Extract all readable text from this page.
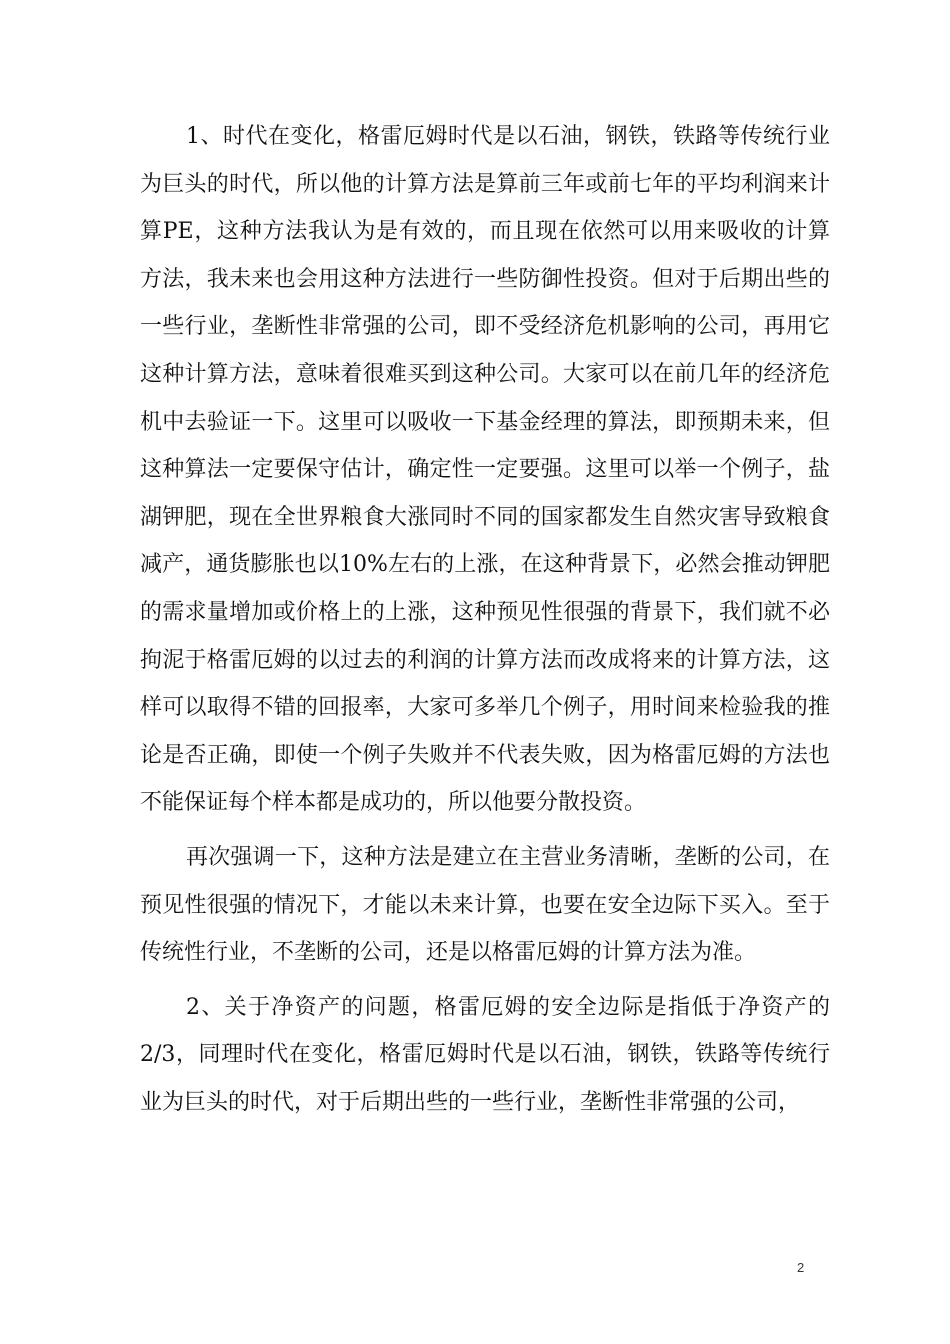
1、时代在变化，格雷厄姆时代是以石油，钢铁，铁路等传统行业为巨头的时代，所以他的计算方法是算前三年或前七年的平均利润来计算PE，这种方法我认为是有效的，而且现在依然可以用来吸收的计算方法，我未来也会用这种方法进行一些防御性投资。但对于后期出些的一些行业，垄断性非常强的公司，即不受经济危机影响的公司，再用它这种计算方法，意味着很难买到这种公司。大家可以在前几年的经济危机中去验证一下。这里可以吸收一下基金经理的算法，即预期未来，但这种算法一定要保守估计，确定性一定要强。这里可以举一个例子，盐湖钾肥，现在全世界粮食大涨同时不同的国家都发生自然灾害导致粮食减产，通货膨胀也以10%左右的上涨，在这种背景下，必然会推动钾肥的需求量增加或价格上的上涨，这种预见性很强的背景下，我们就不必拘泥于格雷厄姆的以过去的利润的计算方法而改成将来的计算方法，这样可以取得不错的回报率，大家可多举几个例子，用时间来检验我的推论是否正确，即使一个例子失败并不代表失败，因为格雷厄姆的方法也不能保证每个样本都是成功的，所以他要分散投资。

再次强调一下，这种方法是建立在主营业务清晰，垄断的公司，在预见性很强的情况下，才能以未来计算，也要在安全边际下买入。至于传统性行业，不垄断的公司，还是以格雷厄姆的计算方法为准。

2、关于净资产的问题，格雷厄姆的安全边际是指低于净资产的2/3，同理时代在变化，格雷厄姆时代是以石油，钢铁，铁路等传统行业为巨头的时代，对于后期出些的一些行业，垄断性非常强的公司，

2
